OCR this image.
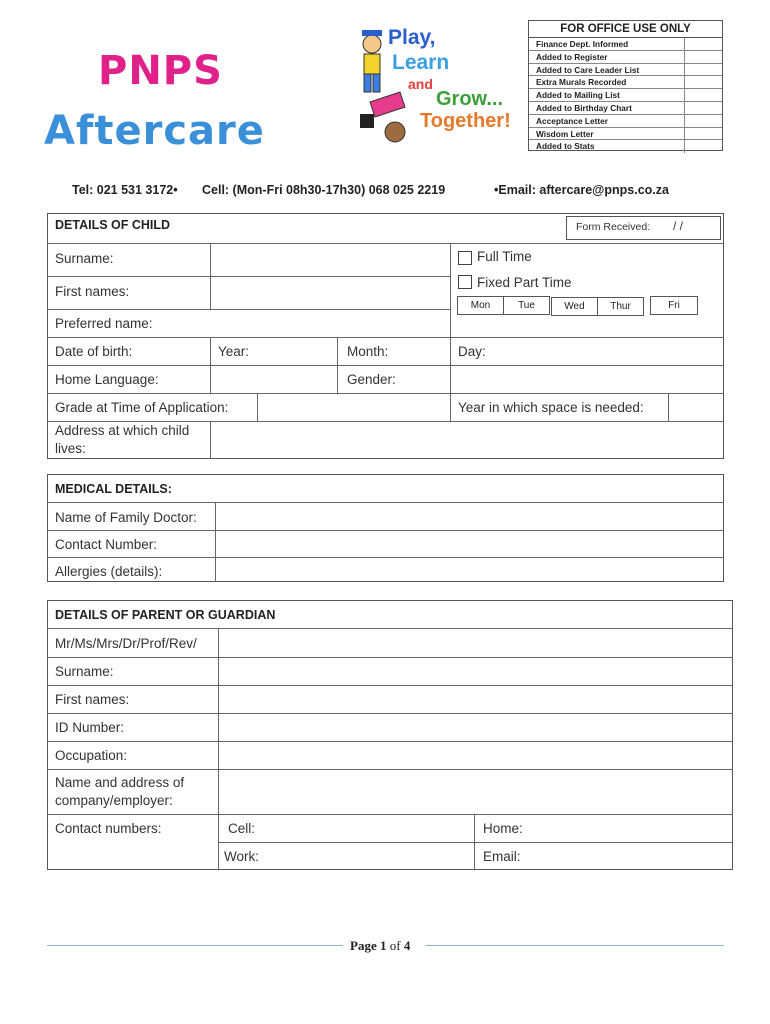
PNPS
Aftercare
Play,
Learn
and
Grow...
Together!
FOR OFFICE USE ONLY
Finance Dept. Informed
Added to Register
Added to Care Leader List
Extra Murals Recorded
Added to Mailing List
Added to Birthday Chart
Acceptance Letter
Wisdom Letter
Added to Stats
Tel: 021 531 3172• Cell: (Mon-Fri 08h30-17h30) 068 025 2219	•Email: aftercare@pnps.co.za
DETAILS OF CHILD	Form Received: / /
Surname:
First names:
Preferred name:
Date of birth:	Year:	Month:	Day:
Home Language:	Gender:
Grade at Time of Application:	Year in which space is needed:
Address at which child
lives:
Full Time
Fixed Part Time
Mon	Tue	Wed	Thur	Fri
MEDICAL DETAILS:
Name of Family Doctor:
Contact Number:
Allergies (details):
DETAILS OF PARENT OR GUARDIAN
Mr/Ms/Mrs/Dr/Prof/Rev/
Surname:
First names:
ID Number:
Occupation:
Name and address of
company/employer:
Contact numbers:	Cell:	Home:
Work:	Email:
Page 1 of 4
